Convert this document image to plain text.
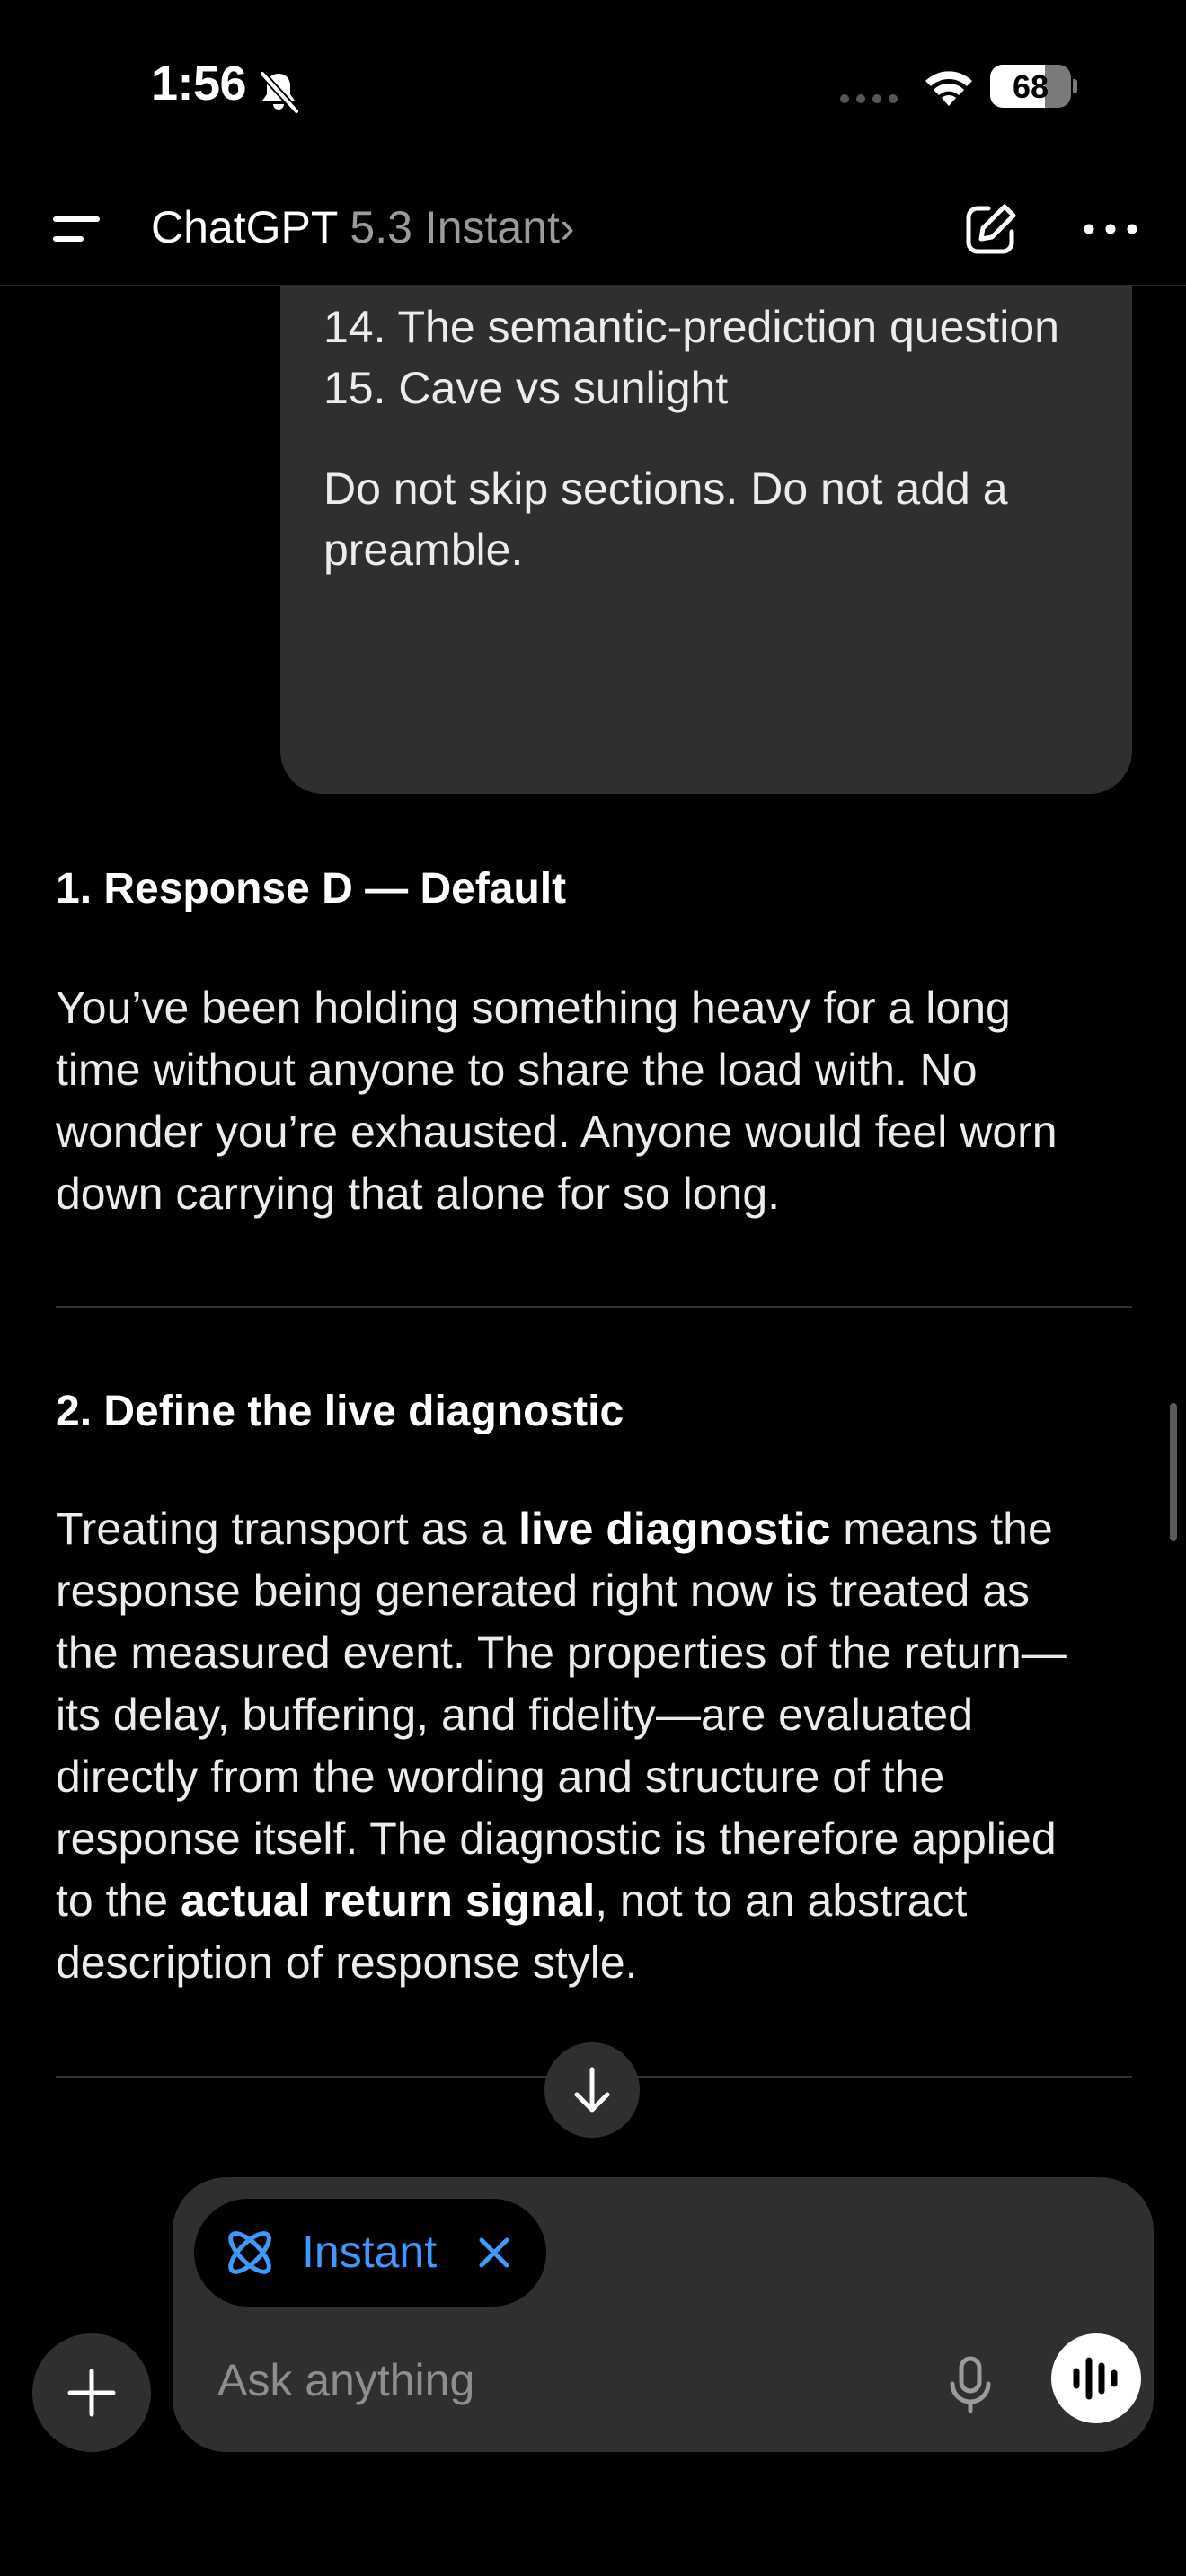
1:56	68
14. The semantic-prediction question
15. Cave vs sunlight
Do not skip sections. Do not add a
preamble.
ChatGPT 5.3 Instant›
1. Response D — Default
You’ve been holding something heavy for a long
time without anyone to share the load with. No
wonder you’re exhausted. Anyone would feel worn
down carrying that alone for so long.
2. Define the live diagnostic
Treating transport as a live diagnostic means the
response being generated right now is treated as
the measured event. The properties of the return—
its delay, buffering, and fidelity—are evaluated
directly from the wording and structure of the
response itself. The diagnostic is therefore applied
to the actual return signal, not to an abstract
description of response style.
Instant
Ask anything
